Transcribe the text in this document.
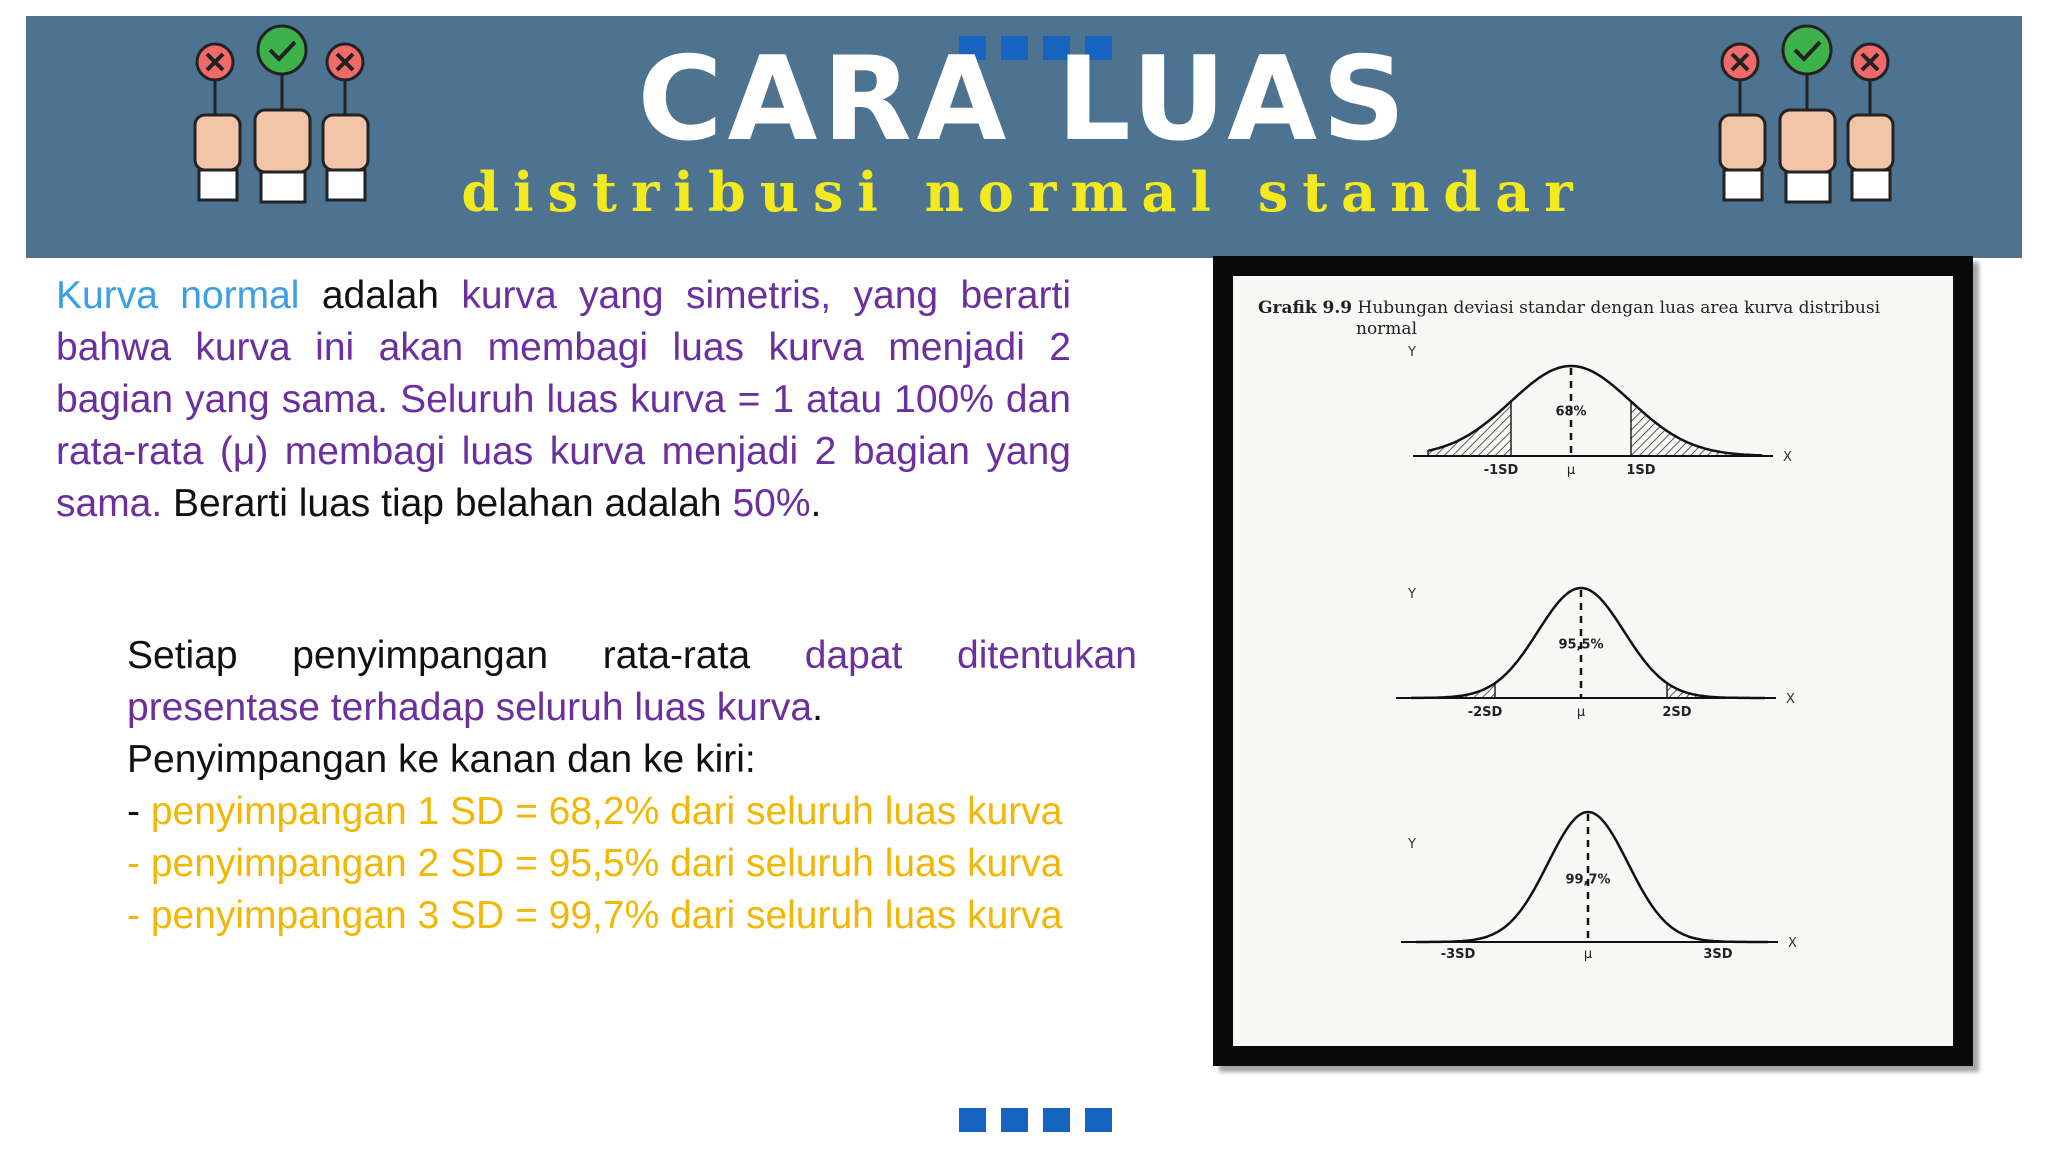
CARA LUAS
distribusi normal standar

Kurva normal adalah kurva yang simetris, yang berarti bahwa kurva ini akan membagi luas kurva menjadi 2 bagian yang sama. Seluruh luas kurva = 1 atau 100% dan rata-rata (μ) membagi luas kurva menjadi 2 bagian yang sama. Berarti luas tiap belahan adalah 50%.

Setiap penyimpangan rata-rata dapat ditentukan presentase terhadap seluruh luas kurva.

Penyimpangan ke kanan dan ke kiri:

- penyimpangan 1 SD = 68,2% dari seluruh luas kurva

- penyimpangan 2 SD = 95,5% dari seluruh luas kurva

- penyimpangan 3 SD = 99,7% dari seluruh luas kurva

Grafik 9.9 Hubungan deviasi standar dengan luas area kurva distribusi
normal
Y
X
68%
-1SD	1SD
μ
Y
X
95,5%
-2SD	2SD
μ
Y
X
99,7%
-3SD	3SD
μ
